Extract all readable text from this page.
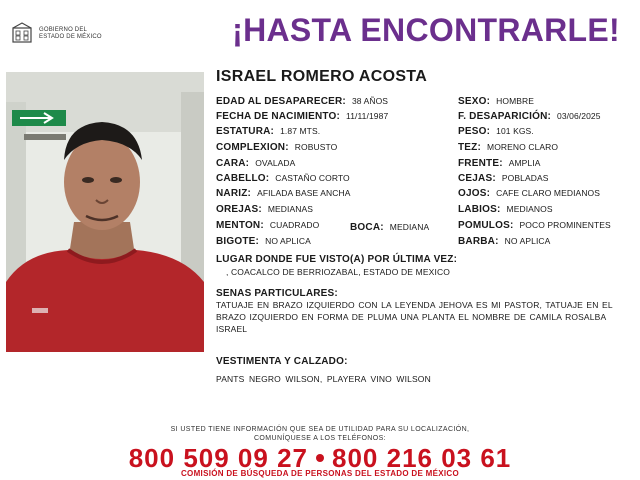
GOBIERNO DEL
ESTADO DE MÉXICO	¡HASTA ENCONTRARLE!
ISRAEL ROMERO ACOSTA
EDAD AL DESAPARECER: 38 AÑOS
FECHA DE NACIMIENTO: 11/11/1987
ESTATURA: 1.87 MTS.
COMPLEXION: ROBUSTO
CARA: OVALADA
CABELLO: CASTAÑO CORTO
NARIZ: AFILADA BASE ANCHA
OREJAS: MEDIANAS
MENTON: CUADRADO
BIGOTE: NO APLICA
BOCA: MEDIANA
SEXO: HOMBRE
F. DESAPARICIÓN: 03/06/2025
PESO: 101 KGS.
TEZ: MORENO CLARO
FRENTE: AMPLIA
CEJAS: POBLADAS
OJOS: CAFE CLARO MEDIANOS
LABIOS: MEDIANOS
POMULOS: POCO PROMINENTES
BARBA: NO APLICA
LUGAR DONDE FUE VISTO(A) POR ÚLTIMA VEZ:
, COACALCO DE BERRIOZABAL, ESTADO DE MEXICO
SENAS PARTICULARES:
TATUAJE EN BRAZO IZQUIERDO CON LA LEYENDA JEHOVA ES MI PASTOR, TATUAJE EN EL BRAZO IZQUIERDO EN FORMA DE PLUMA UNA PLANTA EL NOMBRE DE CAMILA ROSALBA ISRAEL
VESTIMENTA Y CALZADO:
PANTS NEGRO WILSON, PLAYERA VINO WILSON
SI USTED TIENE INFORMACIÓN QUE SEA DE UTILIDAD PARA SU LOCALIZACIÓN,
COMUNÍQUESE A LOS TELÉFONOS:
800 509 09 27 800 216 03 61
COMISIÓN DE BÚSQUEDA DE PERSONAS DEL ESTADO DE MÉXICO
